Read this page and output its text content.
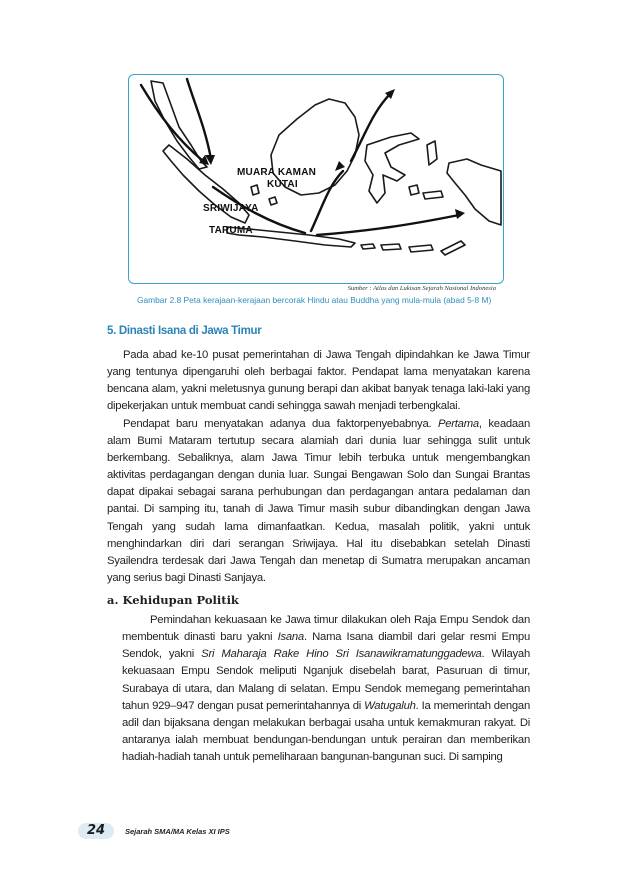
MUARA KAMAN
KUTAI
SRIWIJAYA
TARUMA
Sumber : Atlas dan Lukisan Sejarah Nasional Indonesia
Gambar 2.8 Peta kerajaan-kerajaan bercorak Hindu atau Buddha yang mula-mula (abad 5-8 M)
5. Dinasti Isana di Jawa Timur

Pada abad ke-10 pusat pemerintahan di Jawa Tengah dipindahkan ke Jawa Timur yang tentunya dipengaruhi oleh berbagai faktor. Pendapat lama menyatakan karena bencana alam, yakni meletusnya gunung berapi dan akibat banyak tenaga laki-laki yang dipekerjakan untuk membuat candi sehingga sawah menjadi terbengkalai.

Pendapat baru menyatakan adanya dua faktorpenyebabnya. Pertama, keadaan alam Bumi Mataram tertutup secara alamiah dari dunia luar sehingga sulit untuk berkembang. Sebaliknya, alam Jawa Timur lebih terbuka untuk mengembangkan aktivitas perdagangan dengan dunia luar. Sungai Bengawan Solo dan Sungai Brantas dapat dipakai sebagai sarana perhubungan dan perdagangan antara pedalaman dan pantai. Di samping itu, tanah di Jawa Timur masih subur dibandingkan dengan Jawa Tengah yang sudah lama dimanfaatkan. Kedua, masalah politik, yakni untuk menghindarkan diri dari serangan Sriwijaya. Hal itu disebabkan setelah Dinasti Syailendra terdesak dari Jawa Tengah dan menetap di Sumatra merupakan ancaman yang serius bagi Dinasti Sanjaya.

a. Kehidupan Politik

Pemindahan kekuasaan ke Jawa timur dilakukan oleh Raja Empu Sendok dan membentuk dinasti baru yakni Isana. Nama Isana diambil dari gelar resmi Empu Sendok, yakni Sri Maharaja Rake Hino Sri Isanawikramatunggadewa. Wilayah kekuasaan Empu Sendok meliputi Nganjuk disebelah barat, Pasuruan di timur, Surabaya di utara, dan Malang di selatan. Empu Sendok memegang pemerintahan tahun 929–947 dengan pusat pemerintahannya di Watugaluh. Ia memerintah dengan adil dan bijaksana dengan melakukan berbagai usaha untuk kemakmuran rakyat. Di antaranya ialah membuat bendungan-bendungan untuk perairan dan memberikan hadiah-hadiah tanah untuk pemeliharaan bangunan-bangunan suci. Di samping

24	Sejarah SMA/MA Kelas XI IPS
